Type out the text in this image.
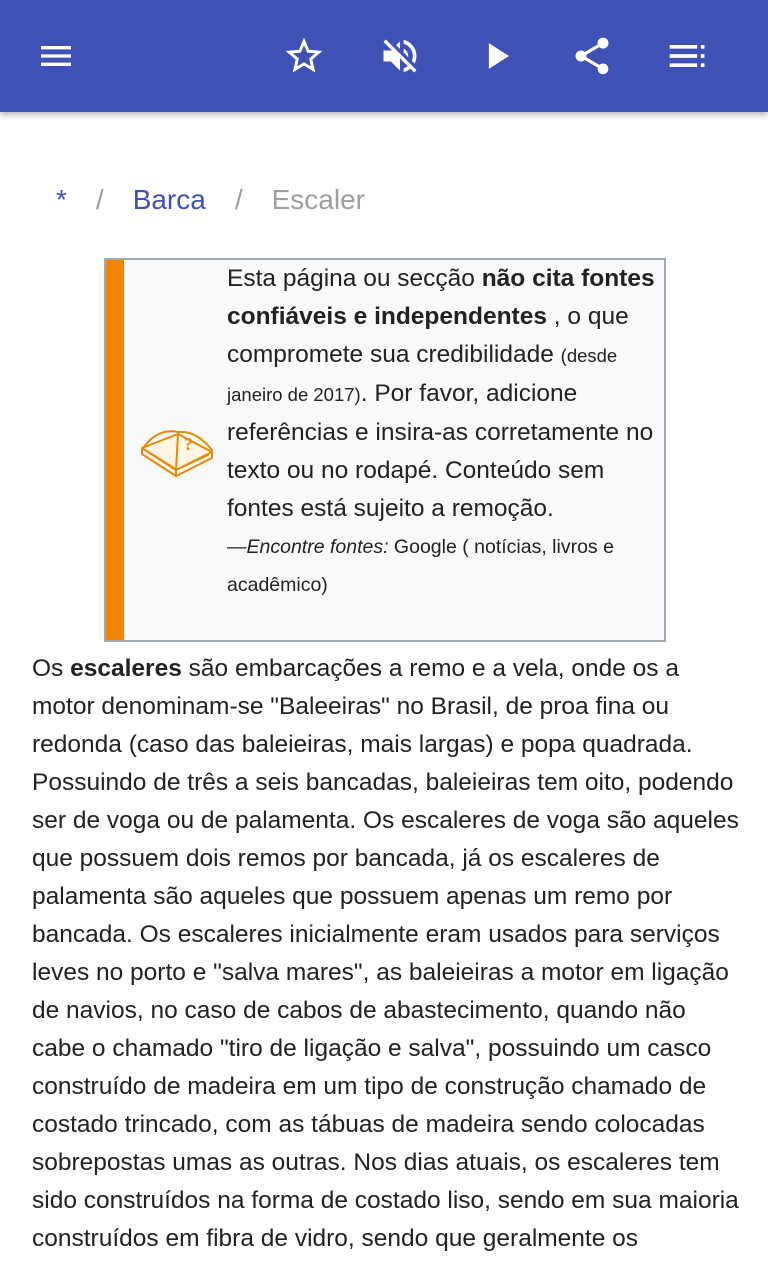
* / Barca / Escaler
?
Esta página ou secção não cita fontes confiáveis e independentes , o que compromete sua credibilidade (desde janeiro de 2017). Por favor, adicione referências e insira-as corretamente no texto ou no rodapé. Conteúdo sem fontes está sujeito a remoção.
—Encontre fontes: Google ( notícias, livros e acadêmico)
Os escaleres são embarcações a remo e a vela, onde os a motor denominam-se "Baleeiras" no Brasil, de proa fina ou redonda (caso das baleieiras, mais largas) e popa quadrada. Possuindo de três a seis bancadas, baleieiras tem oito, podendo ser de voga ou de palamenta. Os escaleres de voga são aqueles que possuem dois remos por bancada, já os escaleres de palamenta são aqueles que possuem apenas um remo por bancada. Os escaleres inicialmente eram usados para serviços leves no porto e "salva mares", as baleieiras a motor em ligação de navios, no caso de cabos de abastecimento, quando não cabe o chamado "tiro de ligação e salva", possuindo um casco construído de madeira em um tipo de construção chamado de costado trincado, com as tábuas de madeira sendo colocadas sobrepostas umas as outras. Nos dias atuais, os escaleres tem sido construídos na forma de costado liso, sendo em sua maioria construídos em fibra de vidro, sendo que geralmente os
